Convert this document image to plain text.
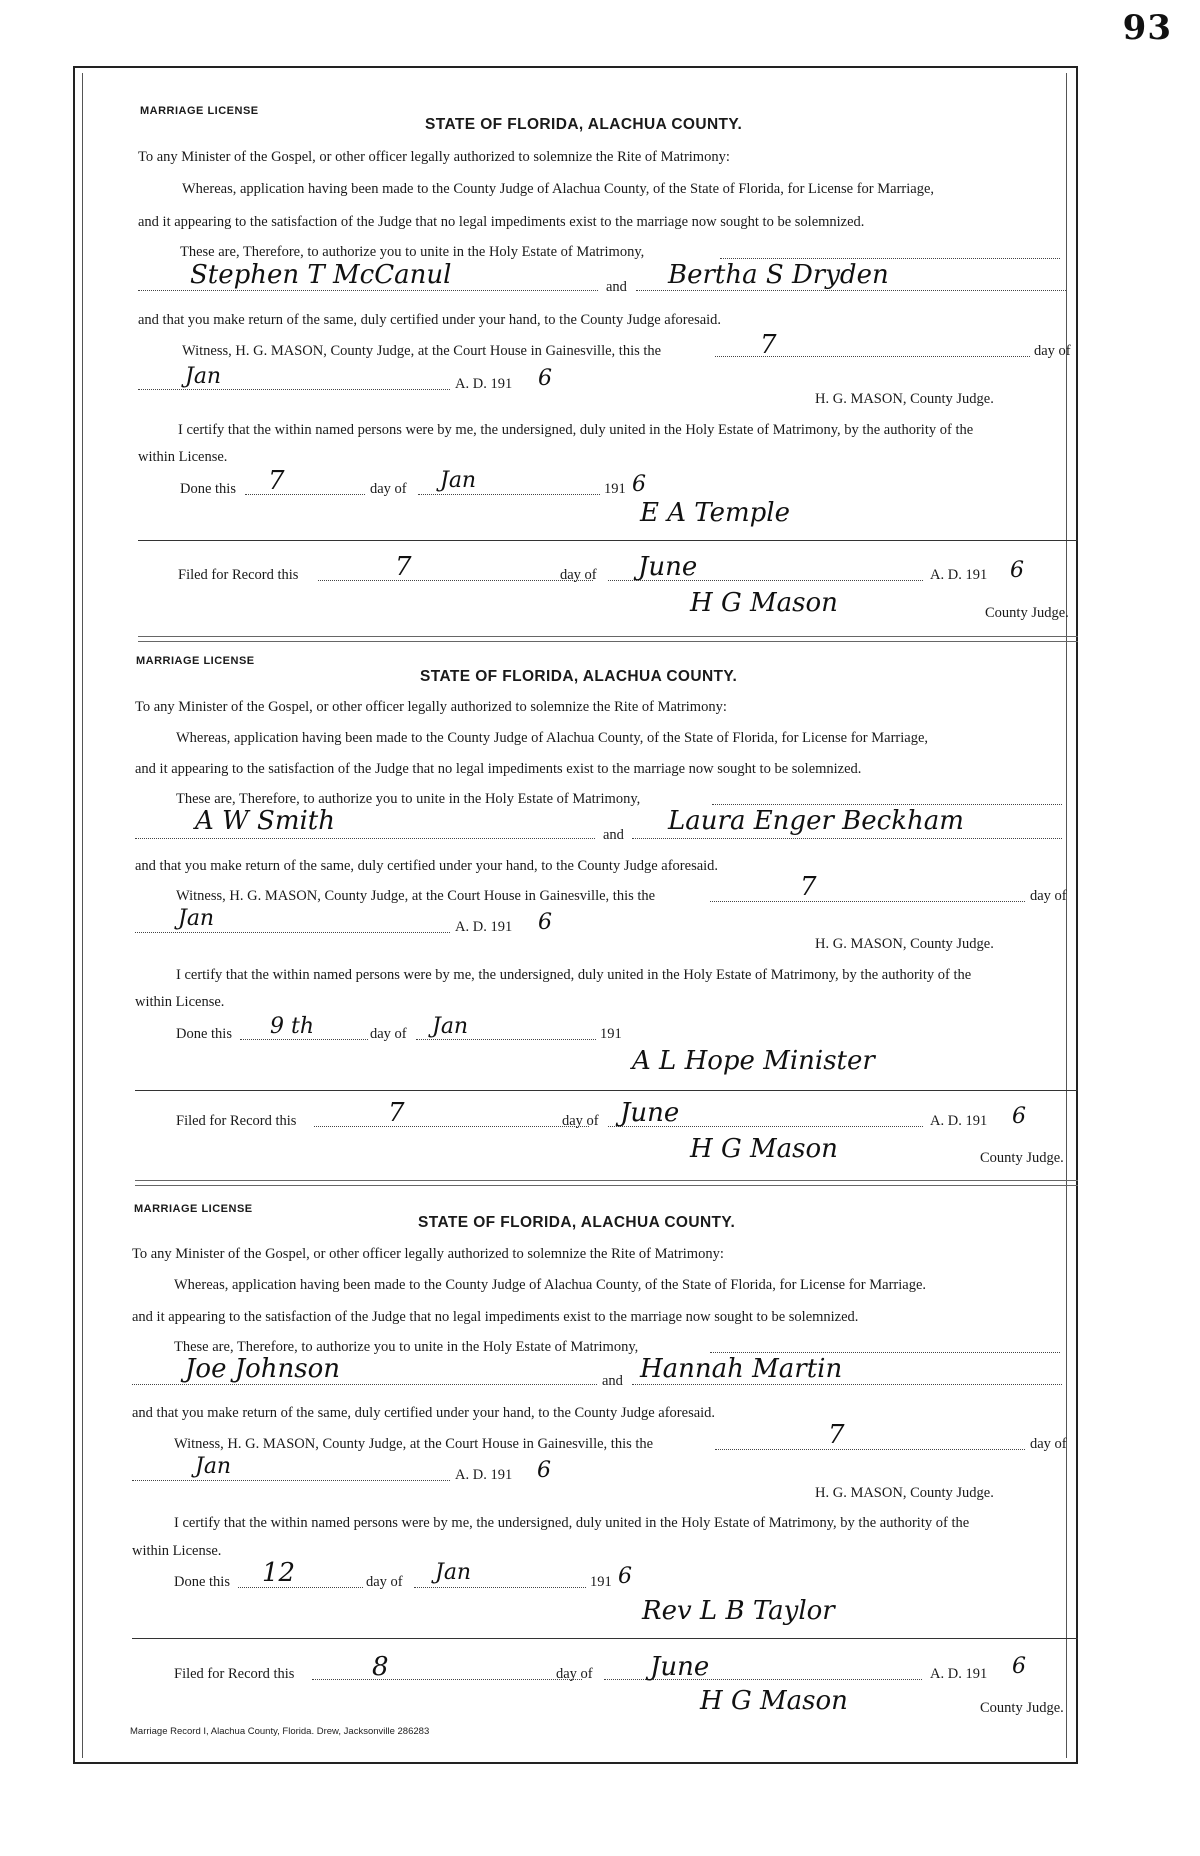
93
MARRIAGE LICENSE
STATE OF FLORIDA, ALACHUA COUNTY.
To any Minister of the Gospel, or other officer legally authorized to solemnize the Rite of Matrimony:
Whereas, application having been made to the County Judge of Alachua County, of the State of Florida, for License for Marriage,
and it appearing to the satisfaction of the Judge that no legal impediments exist to the marriage now sought to be solemnized.
These are, Therefore, to authorize you to unite in the Holy Estate of Matrimony,
Stephen T McCanul	and Bertha S Dryden
and that you make return of the same, duly certified under your hand, to the County Judge aforesaid.
Witness, H. G. MASON, County Judge, at the Court House in Gainesville, this the	7	day of
Jan	A. D. 191 6
H. G. MASON, County Judge.
I certify that the within named persons were by me, the undersigned, duly united in the Holy Estate of Matrimony, by the authority of the
within License.
Done this 7	day of Jan	191 6
E A Temple
Filed for Record this	7	day of June	A. D. 191 6
H G Mason	County Judge.
MARRIAGE LICENSE
STATE OF FLORIDA, ALACHUA COUNTY.
To any Minister of the Gospel, or other officer legally authorized to solemnize the Rite of Matrimony:
Whereas, application having been made to the County Judge of Alachua County, of the State of Florida, for License for Marriage,
and it appearing to the satisfaction of the Judge that no legal impediments exist to the marriage now sought to be solemnized.
These are, Therefore, to authorize you to unite in the Holy Estate of Matrimony,
A W Smith	and Laura Enger Beckham
and that you make return of the same, duly certified under your hand, to the County Judge aforesaid.
Witness, H. G. MASON, County Judge, at the Court House in Gainesville, this the	7	day of
Jan	A. D. 191 6
H. G. MASON, County Judge.
I certify that the within named persons were by me, the undersigned, duly united in the Holy Estate of Matrimony, by the authority of the
within License.
Done this 9 th	day of Jan	191
A L Hope Minister
Filed for Record this	7	day of June	A. D. 191 6
H G Mason	County Judge.
MARRIAGE LICENSE
STATE OF FLORIDA, ALACHUA COUNTY.
To any Minister of the Gospel, or other officer legally authorized to solemnize the Rite of Matrimony:
Whereas, application having been made to the County Judge of Alachua County, of the State of Florida, for License for Marriage.
and it appearing to the satisfaction of the Judge that no legal impediments exist to the marriage now sought to be solemnized.
These are, Therefore, to authorize you to unite in the Holy Estate of Matrimony,
Joe Johnson	and Hannah Martin
and that you make return of the same, duly certified under your hand, to the County Judge aforesaid.
Witness, H. G. MASON, County Judge, at the Court House in Gainesville, this the	7	day of
Jan	A. D. 191 6
H. G. MASON, County Judge.
I certify that the within named persons were by me, the undersigned, duly united in the Holy Estate of Matrimony, by the authority of the
within License.
Done this 12	day of Jan	191 6
Rev L B Taylor
Filed for Record this	8	day of June	A. D. 191 6
H G Mason	County Judge.
Marriage Record I, Alachua County, Florida. Drew, Jacksonville 286283
